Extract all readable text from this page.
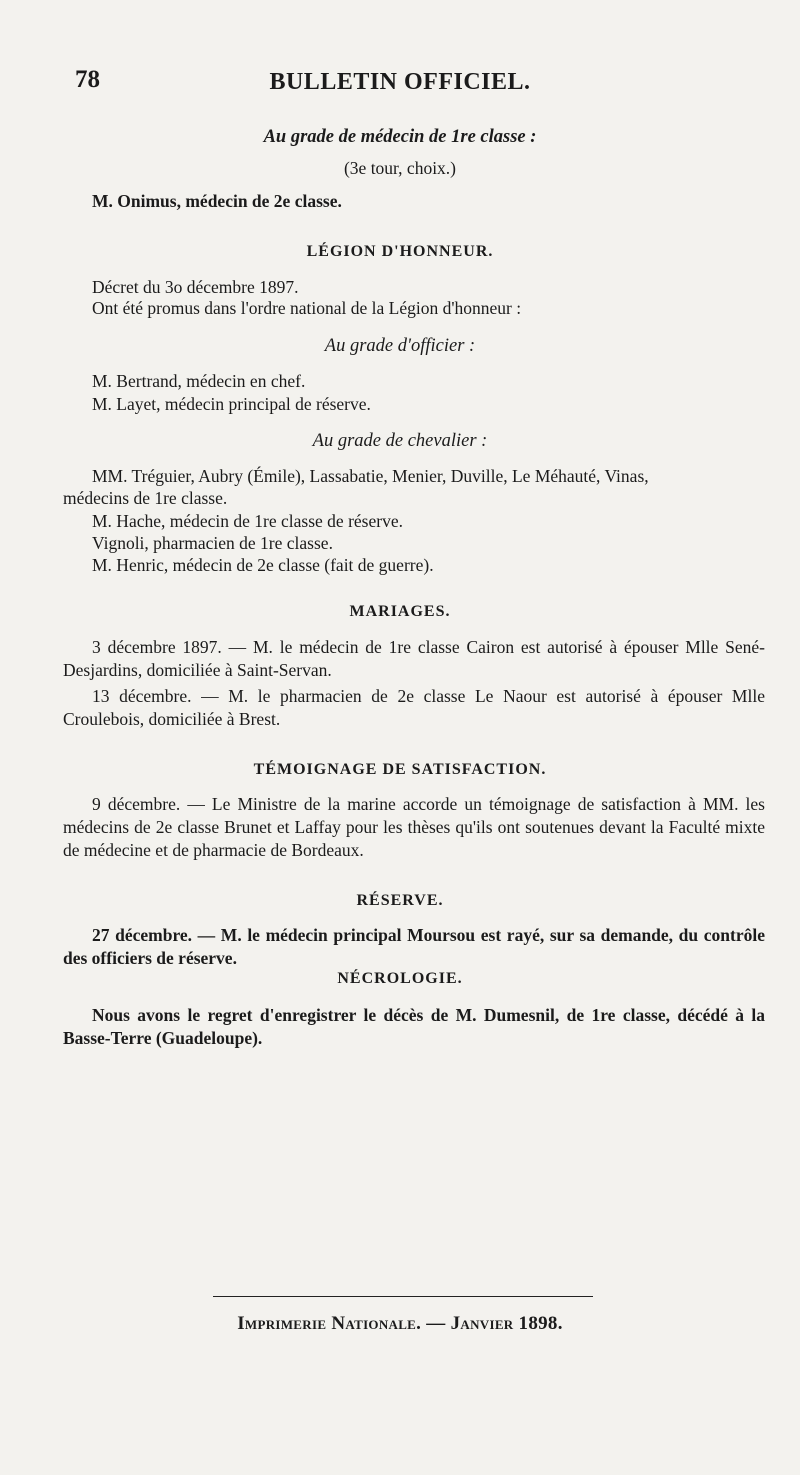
78	BULLETIN OFFICIEL.
Au grade de médecin de 1re classe :
(3e tour, choix.)
M. Onimus, médecin de 2e classe.
LÉGION D'HONNEUR.
Décret du 3o décembre 1897.
Ont été promus dans l'ordre national de la Légion d'honneur :
Au grade d'officier :
M. Bertrand, médecin en chef.
M. Layet, médecin principal de réserve.
Au grade de chevalier :
MM. Tréguier, Aubry (Émile), Lassabatie, Menier, Duville, Le Méhauté, Vinas,
médecins de 1re classe.
M. Hache, médecin de 1re classe de réserve.
Vignoli, pharmacien de 1re classe.
M. Henric, médecin de 2e classe (fait de guerre).
MARIAGES.
3 décembre 1897. — M. le médecin de 1re classe Cairon est autorisé à épouser Mlle Sené-Desjardins, domiciliée à Saint-Servan.
13 décembre. — M. le pharmacien de 2e classe Le Naour est autorisé à épouser Mlle Croulebois, domiciliée à Brest.
TÉMOIGNAGE DE SATISFACTION.
9 décembre. — Le Ministre de la marine accorde un témoignage de satisfaction à MM. les médecins de 2e classe Brunet et Laffay pour les thèses qu'ils ont soutenues devant la Faculté mixte de médecine et de pharmacie de Bordeaux.
RÉSERVE.
27 décembre. — M. le médecin principal Moursou est rayé, sur sa demande, du contrôle des officiers de réserve.
NÉCROLOGIE.
Nous avons le regret d'enregistrer le décès de M. Dumesnil, de 1re classe, décédé à la Basse-Terre (Guadeloupe).
Imprimerie Nationale. — Janvier 1898.
